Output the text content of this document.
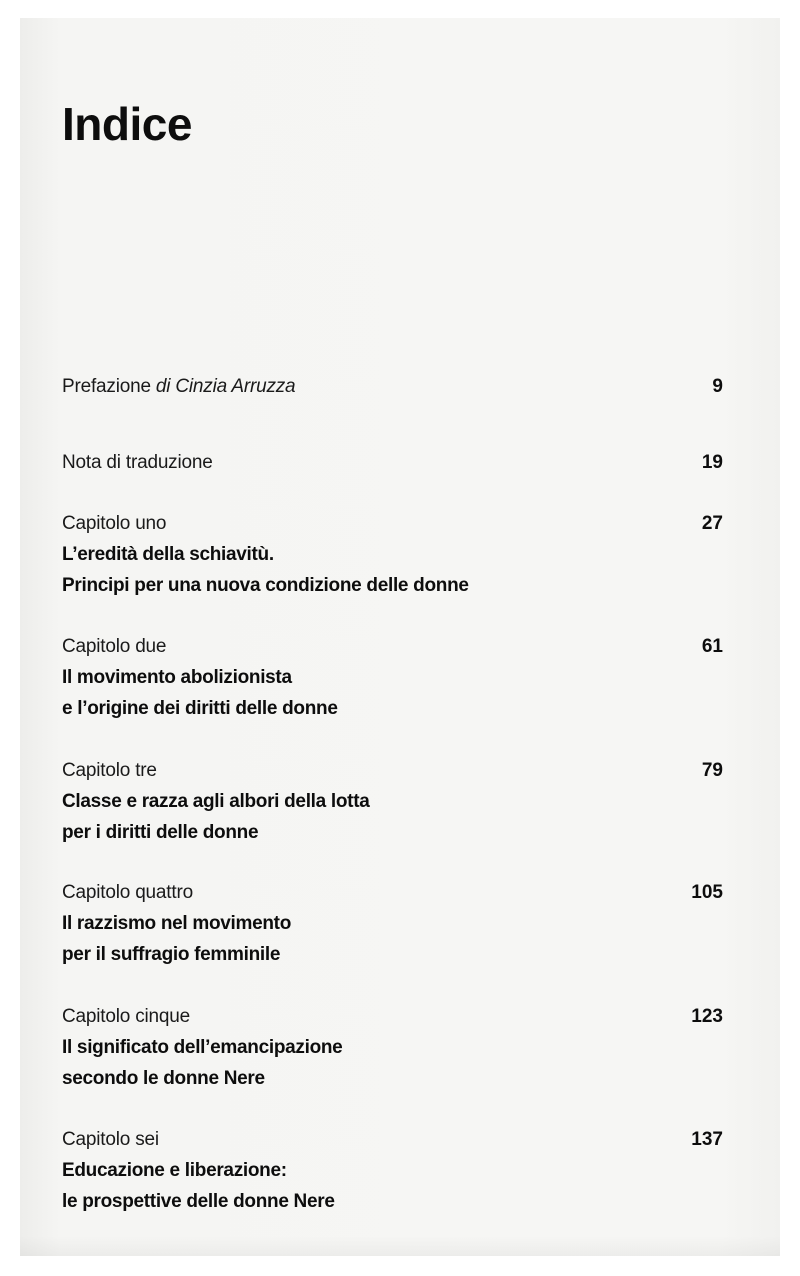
Indice
Prefazione di Cinzia Arruzza	9
Nota di traduzione	19
Capitolo uno	27
L’eredità della schiavitù.
Principi per una nuova condizione delle donne
Capitolo due	61
Il movimento abolizionista
e l’origine dei diritti delle donne
Capitolo tre	79
Classe e razza agli albori della lotta
per i diritti delle donne
Capitolo quattro	105
Il razzismo nel movimento
per il suffragio femminile
Capitolo cinque	123
Il significato dell’emancipazione
secondo le donne Nere
Capitolo sei	137
Educazione e liberazione:
le prospettive delle donne Nere
